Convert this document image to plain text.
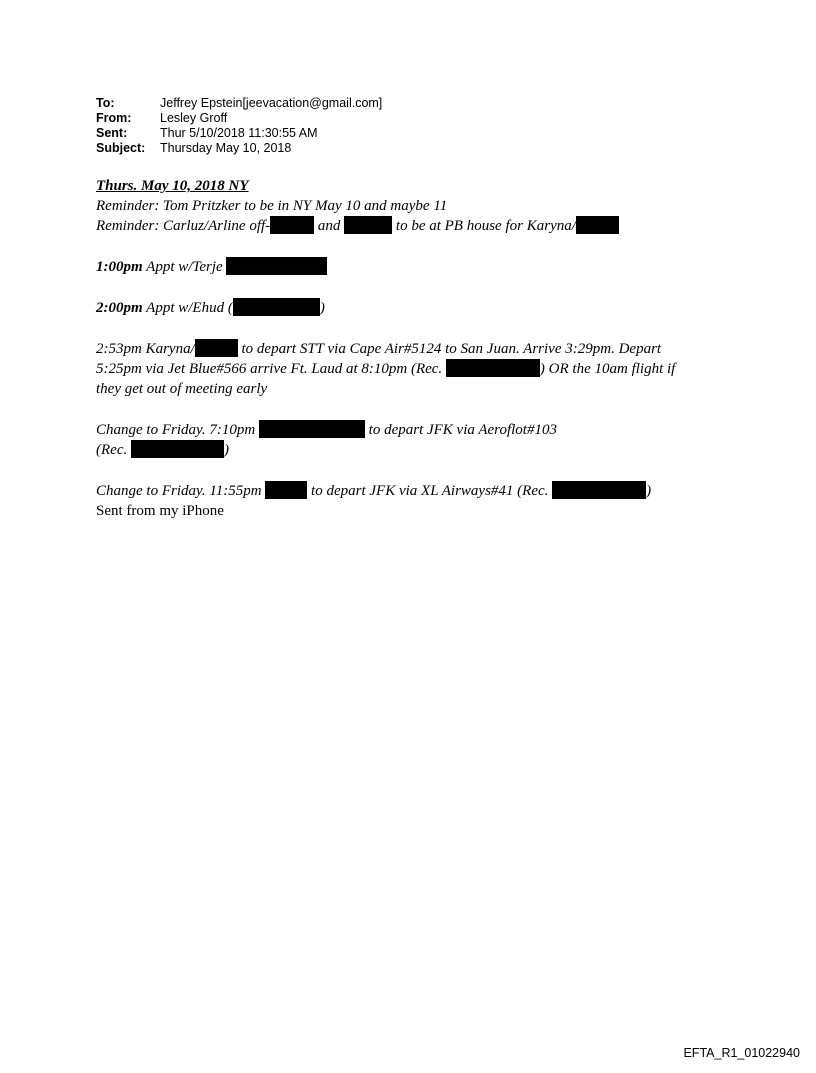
To:	Jeffrey Epstein[jeevacation@gmail.com]
From:	Lesley Groff
Sent:	Thur 5/10/2018 11:30:55 AM
Subject:	Thursday May 10, 2018
Thurs. May 10, 2018 NY
Reminder: Tom Pritzker to be in NY May 10 and maybe 11
Reminder: Carluz/Arline off-	and	to be at PB house for Karyna/
1:00pm Appt w/Terje
2:00pm Appt w/Ehud (	)
2:53pm Karyna/	to depart STT via Cape Air#5124 to San Juan. Arrive 3:29pm. Depart
5:25pm via Jet Blue#566 arrive Ft. Laud at 8:10pm (Rec.	) OR the 10am flight if
they get out of meeting early
Change to Friday. 7:10pm	to depart JFK via Aeroflot#103
(Rec.	)
Change to Friday. 11:55pm	to depart JFK via XL Airways#41 (Rec.	)
Sent from my iPhone
EFTA_R1_01022940
